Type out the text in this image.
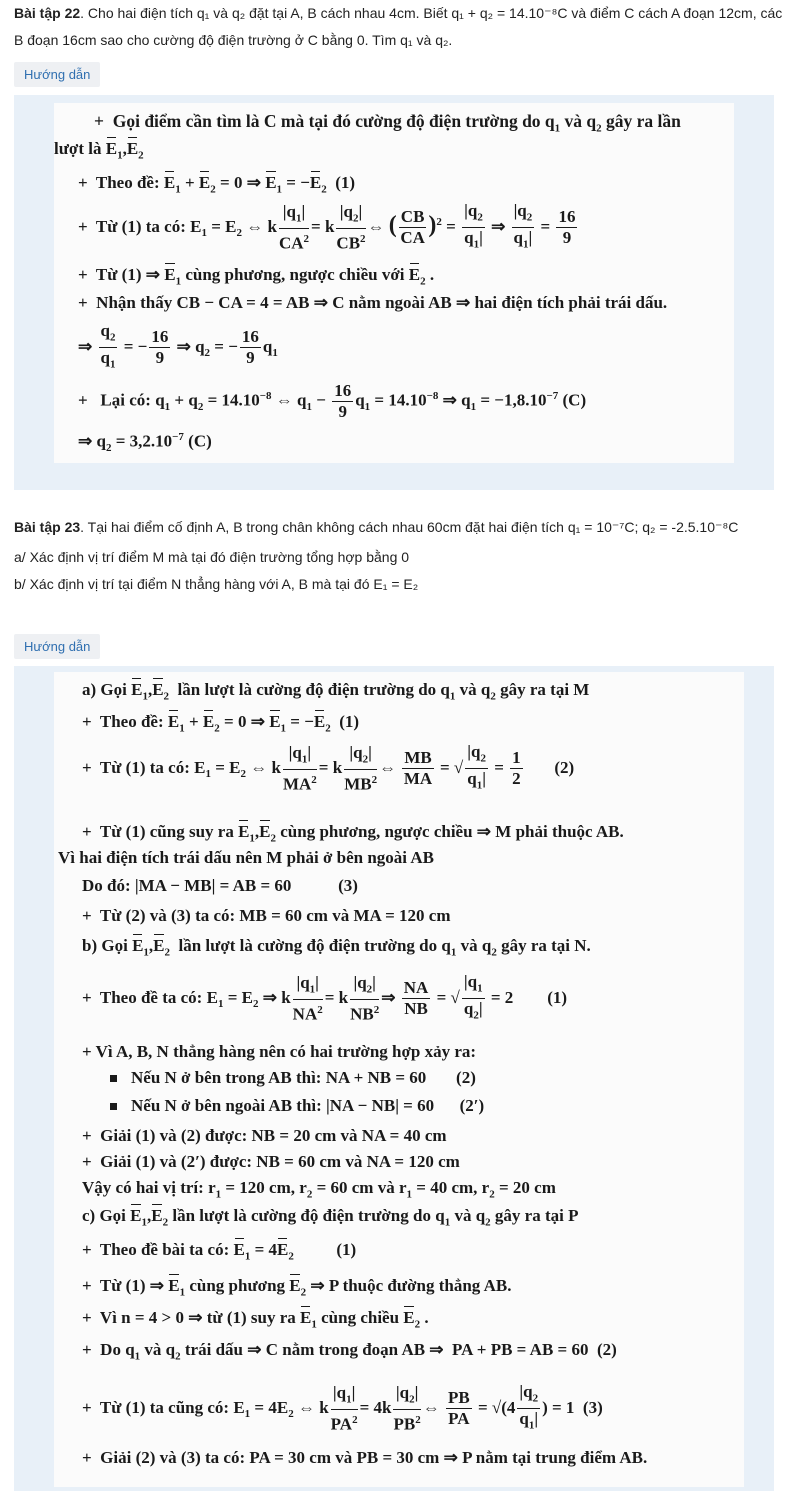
Bài tập 22. Cho hai điện tích q₁ và q₂ đặt tại A, B cách nhau 4cm. Biết q₁ + q₂ = 14.10⁻⁸C và điểm C cách A đoạn 12cm, các B đoạn 16cm sao cho cường độ điện trường ở C bằng 0. Tìm q₁ và q₂.
Hướng dẫn
+  Gọi điểm cần tìm là C mà tại đó cường độ điện trường do $q_1$ và $q_2$ gây ra lần
lượt là $E_1,E_2$
+  Theo đề: $E_1 + E_2 = 0$ ⇒ $E_1 = -E_2$  (1)
+  Từ (1) ta có: $E_1 = E_2$ ⇔ k $\frac{|q_1|}{CA^2} = k \frac{|q_2|}{CB^2}$ ⇔ ( $\frac{CB}{CA} )^2 = \frac{|q_2}{q_1|}$ ⇒ $\frac{|q_2}{q_1|} = \frac{16}{9}$
+  Từ (1) ⇒ $E_1$ cùng phương, ngược chiều với $E_2$ .
+  Nhận thấy CB − CA = 4 = AB ⇒ C nằm ngoài AB ⇒ hai điện tích phải trái dấu.
⇒ $\frac{q_2}{q_1}$ = − $\frac{16}{9}$ ⇒ $q_2$ = − $\frac{16}{9} q_1$
+   Lại có: $q_1 + q_2 = 14.10^{-8}$ ⇔ $q_1 - \frac{16}{9} q_1 = 14.10^{-8}$ ⇒ $q_1 = -1,8.10^{-7}$ (C)
⇒ $q_2 = 3,2.10^{-7}$ (C)
Bài tập 23. Tại hai điểm cố định A, B trong chân không cách nhau 60cm đặt hai điện tích q₁ = 10⁻⁷C; q₂ = -2.5.10⁻⁸C
a/ Xác định vị trí điểm M mà tại đó điện trường tổng hợp bằng 0
b/ Xác định vị trí tại điểm N thẳng hàng với A, B mà tại đó E₁ = E₂
Hướng dẫn
a) Gọi $E_1,E_2$  lần lượt là cường độ điện trường do $q_1$ và $q_2$ gây ra tại M
+  Theo đề: $E_1 + E_2 = 0$ ⇒ $E_1 = -E_2$  (1)
+  Từ (1) ta có: $E_1 = E_2$ ⇔ k $\frac{|q_1|}{MA^2} = k \frac{|q_2|}{MB^2}$ ⇔ $\frac{MB}{MA}$ = √ $\frac{|q_2}{q_1|} = \frac{1}{2} (2)$
+  Từ (1) cũng suy ra $E_1,E_2$ cùng phương, ngược chiều ⇒ M phải thuộc AB.
Vì hai điện tích trái dấu nên M phải ở bên ngoài AB
Do đó: |MA − MB| = AB = 60           (3)
+  Từ (2) và (3) ta có: MB = 60 cm và MA = 120 cm
b) Gọi $E_1,E_2$  lần lượt là cường độ điện trường do $q_1$ và $q_2$ gây ra tại N.
+  Theo đề ta có: $E_1 = E_2$ ⇒ k $\frac{|q_1|}{NA^2} = k \frac{|q_2|}{NB^2}$ ⇒ $\frac{NA}{NB}$ = √ $\frac{|q_1}{q_2|} = 2$        (1)
+ Vì A, B, N thẳng hàng nên có hai trường hợp xảy ra:
Nếu N ở bên trong AB thì: NA + NB = 60       (2)
Nếu N ở bên ngoài AB thì: |NA − NB| = 60      (2′)
+  Giải (1) và (2) được: NB = 20 cm và NA = 40 cm
+  Giải (1) và (2′) được: NB = 60 cm và NA = 120 cm
Vậy có hai vị trí: $r_1 = 120$ cm, $r_2 = 60$ cm và $r_1 = 40$ cm, $r_2 = 20$ cm
c) Gọi $E_1,E_2$ lần lượt là cường độ điện trường do $q_1$ và $q_2$ gây ra tại P
+  Theo đề bài ta có: $E_1 = 4E_2$          (1)
+  Từ (1) ⇒ $E_1$ cùng phương $E_2$ ⇒ P thuộc đường thẳng AB.
+  Vì n = 4 > 0 ⇒ từ (1) suy ra $E_1$ cùng chiều $E_2$ .
+  Do $q_1$ và $q_2$ trái dấu ⇒ C nằm trong đoạn AB ⇒  PA + PB = AB = 60  (2)
+  Từ (1) ta cũng có: $E_1 = 4E_2$ ⇔ k $\frac{|q_1|}{PA^2} = 4k \frac{|q_2|}{PB^2}$ ⇔ $\frac{PB}{PA} = √(4 \frac{|q_2}{q_1|}$ ) = 1  (3)
+  Giải (2) và (3) ta có: PA = 30 cm và PB = 30 cm ⇒ P nằm tại trung điểm AB.
